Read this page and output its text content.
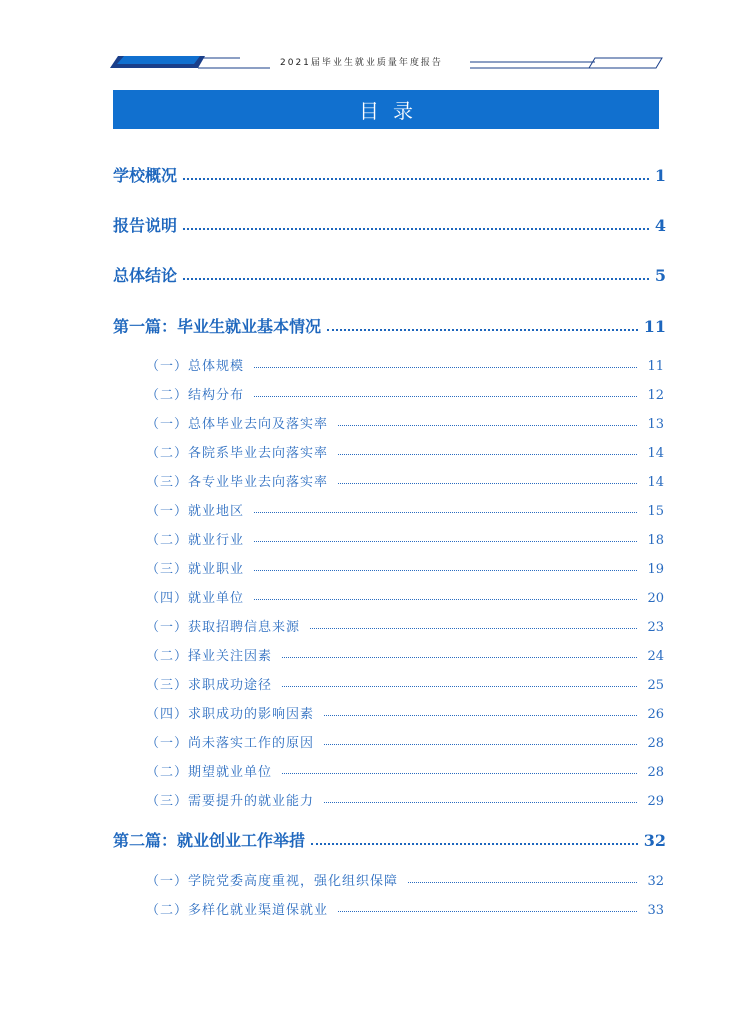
2021届毕业生就业质量年度报告
目录
学校概况	1
报告说明	4
总体结论	5
第一篇：毕业生就业基本情况	11
（一）总体规模	11
（二）结构分布	12
（一）总体毕业去向及落实率	13
（二）各院系毕业去向落实率	14
（三）各专业毕业去向落实率	14
（一）就业地区	15
（二）就业行业	18
（三）就业职业	19
（四）就业单位	20
（一）获取招聘信息来源	23
（二）择业关注因素	24
（三）求职成功途径	25
（四）求职成功的影响因素	26
（一）尚未落实工作的原因	28
（二）期望就业单位	28
（三）需要提升的就业能力	29
第二篇：就业创业工作举措	32
（一）学院党委高度重视，强化组织保障	32
（二）多样化就业渠道保就业	33
